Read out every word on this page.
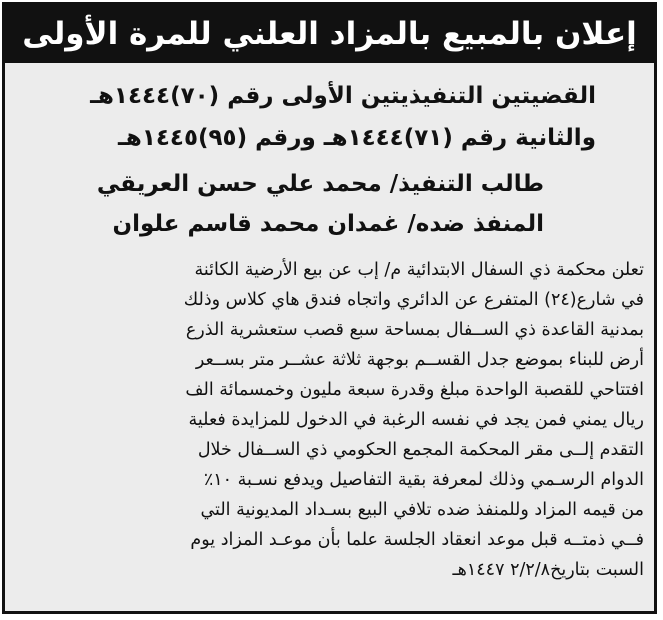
إعلان بالمبيع بالمزاد العلني للمرة الأولى
القضيتين التنفيذيتين الأولى رقم (٧٠)١٤٤٤هـ
والثانية رقم (٧١)١٤٤٤هـ ورقم (٩٥)١٤٤٥هـ
طالب التنفيذ/ محمد علي حسن العريقي
المنفذ ضده/ غمدان محمد قاسم علوان
تعلن محكمة ذي السفال الابتدائية م/ إب عن بيع الأرضية الكائنة
في شارع(٢٤) المتفرع عن الدائري واتجاه فندق هاي كلاس وذلك
بمدنية القاعدة ذي الســفال بمساحة سبع قصب ستعشرية الذرع
أرض للبناء بموضع جدل القســم بوجهة ثلاثة عشــر متر بســعر
افتتاحي للقصبة الواحدة مبلغ وقدرة سبعة مليون وخمسمائة الف
ريال يمني فمن يجد في نفسه الرغبة في الدخول للمزايدة فعلية
التقدم إلــى مقر المحكمة المجمع الحكومي ذي الســفال خلال
الدوام الرسـمي وذلك لمعرفة بقية التفاصيل ويدفع نسـبة ١٠٪
من قيمه المزاد وللمنفذ ضده تلافي البيع بسـداد المديونية التي
فــي ذمتــه قبل موعد انعقاد الجلسة علما بأن موعـد المزاد يوم
السبت بتاريخ٢/٢/٨ ١٤٤٧هـ
